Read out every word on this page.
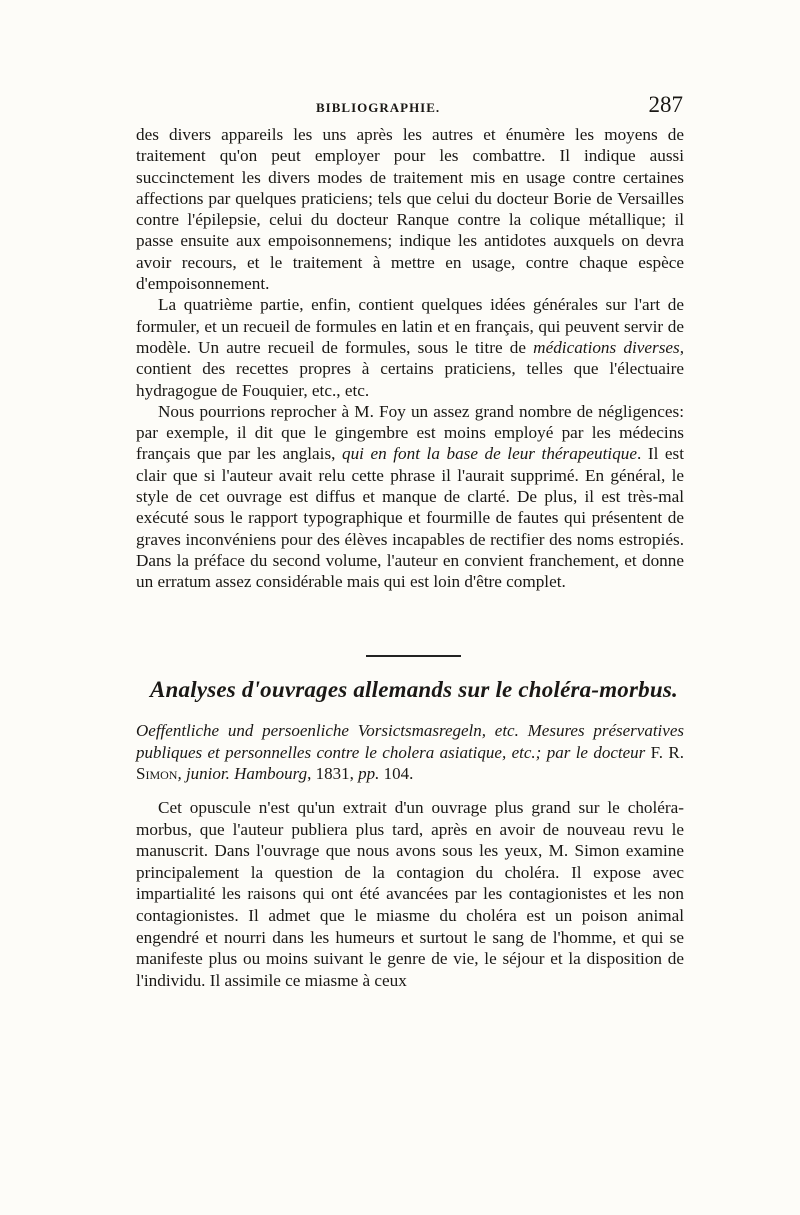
BIBLIOGRAPHIE.	287

des divers appareils les uns après les autres et énumère les moyens de traitement qu'on peut employer pour les combattre. Il indique aussi succinctement les divers modes de traitement mis en usage contre certaines affections par quelques praticiens; tels que celui du docteur Borie de Versailles contre l'épilepsie, celui du docteur Ranque contre la colique métallique; il passe ensuite aux empoisonnemens; indique les antidotes auxquels on devra avoir recours, et le traitement à mettre en usage, contre chaque espèce d'empoisonnement.

La quatrième partie, enfin, contient quelques idées générales sur l'art de formuler, et un recueil de formules en latin et en français, qui peuvent servir de modèle. Un autre recueil de formules, sous le titre de médications diverses, contient des recettes propres à certains praticiens, telles que l'électuaire hydragogue de Fouquier, etc., etc.

Nous pourrions reprocher à M. Foy un assez grand nombre de négligences: par exemple, il dit que le gingembre est moins employé par les médecins français que par les anglais, qui en font la base de leur thérapeutique. Il est clair que si l'auteur avait relu cette phrase il l'aurait supprimé. En général, le style de cet ouvrage est diffus et manque de clarté. De plus, il est très-mal exécuté sous le rapport typographique et fourmille de fautes qui présentent de graves inconvéniens pour des élèves incapables de rectifier des noms estropiés. Dans la préface du second volume, l'auteur en convient franchement, et donne un erratum assez considérable mais qui est loin d'être complet.

Analyses d'ouvrages allemands sur le choléra-morbus.
Oeffentliche und persoenliche Vorsictsmasregeln, etc. Mesures préservatives publiques et personnelles contre le cholera asiatique, etc.; par le docteur F. R. Simon, junior. Hambourg, 1831, pp. 104.

Cet opuscule n'est qu'un extrait d'un ouvrage plus grand sur le choléra-morbus, que l'auteur publiera plus tard, après en avoir de nouveau revu le manuscrit. Dans l'ouvrage que nous avons sous les yeux, M. Simon examine principalement la question de la contagion du choléra. Il expose avec impartialité les raisons qui ont été avancées par les contagionistes et les non contagionistes. Il admet que le miasme du choléra est un poison animal engendré et nourri dans les humeurs et surtout le sang de l'homme, et qui se manifeste plus ou moins suivant le genre de vie, le séjour et la disposition de l'individu. Il assimile ce miasme à ceux
